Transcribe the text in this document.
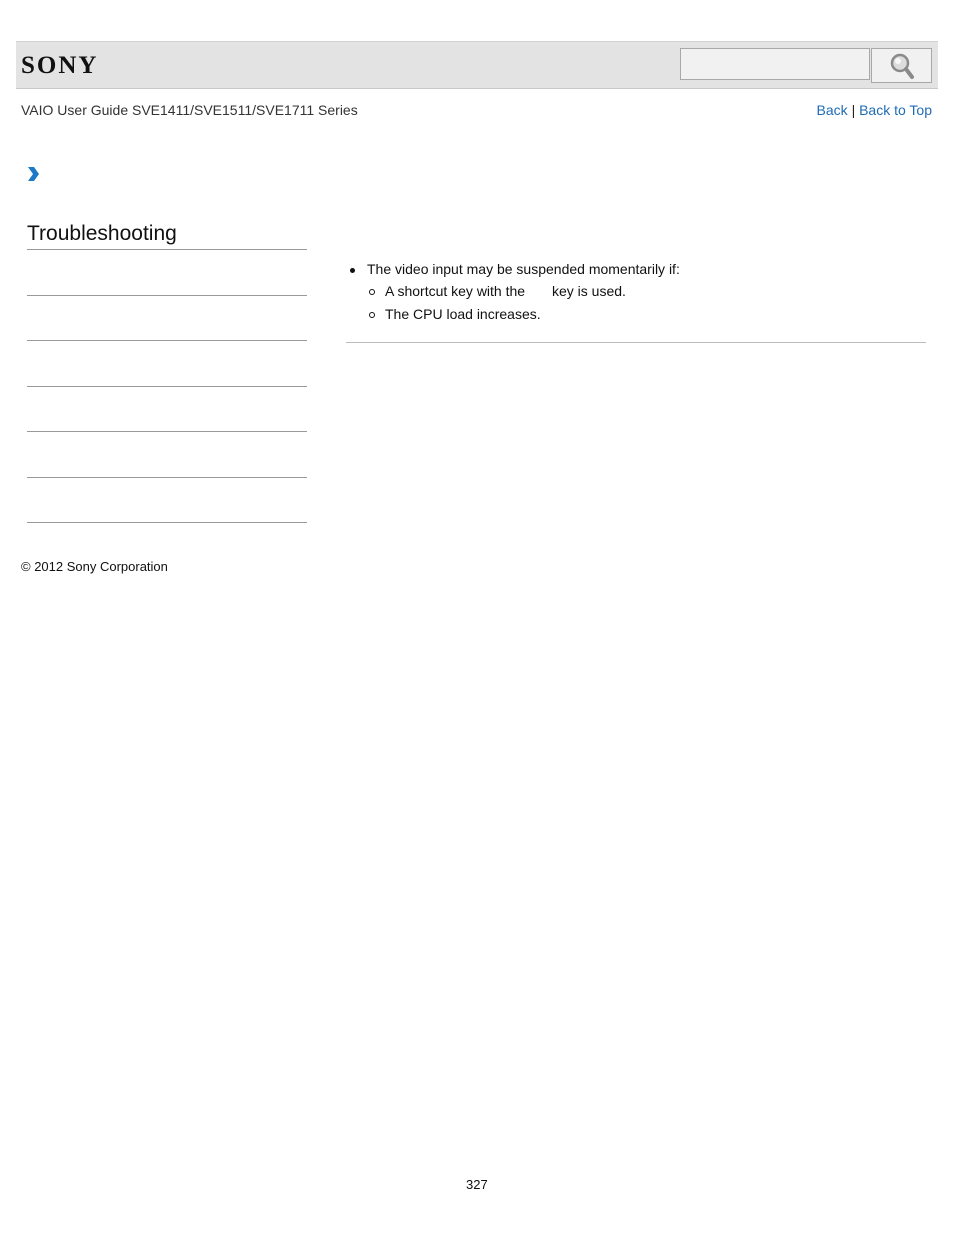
SONY
VAIO User Guide SVE1411/SVE1511/SVE1711 Series	Back | Back to Top
Troubleshooting
The video input may be suspended momentarily if:
A shortcut key with the key is used.
The CPU load increases.
© 2012 Sony Corporation
327
